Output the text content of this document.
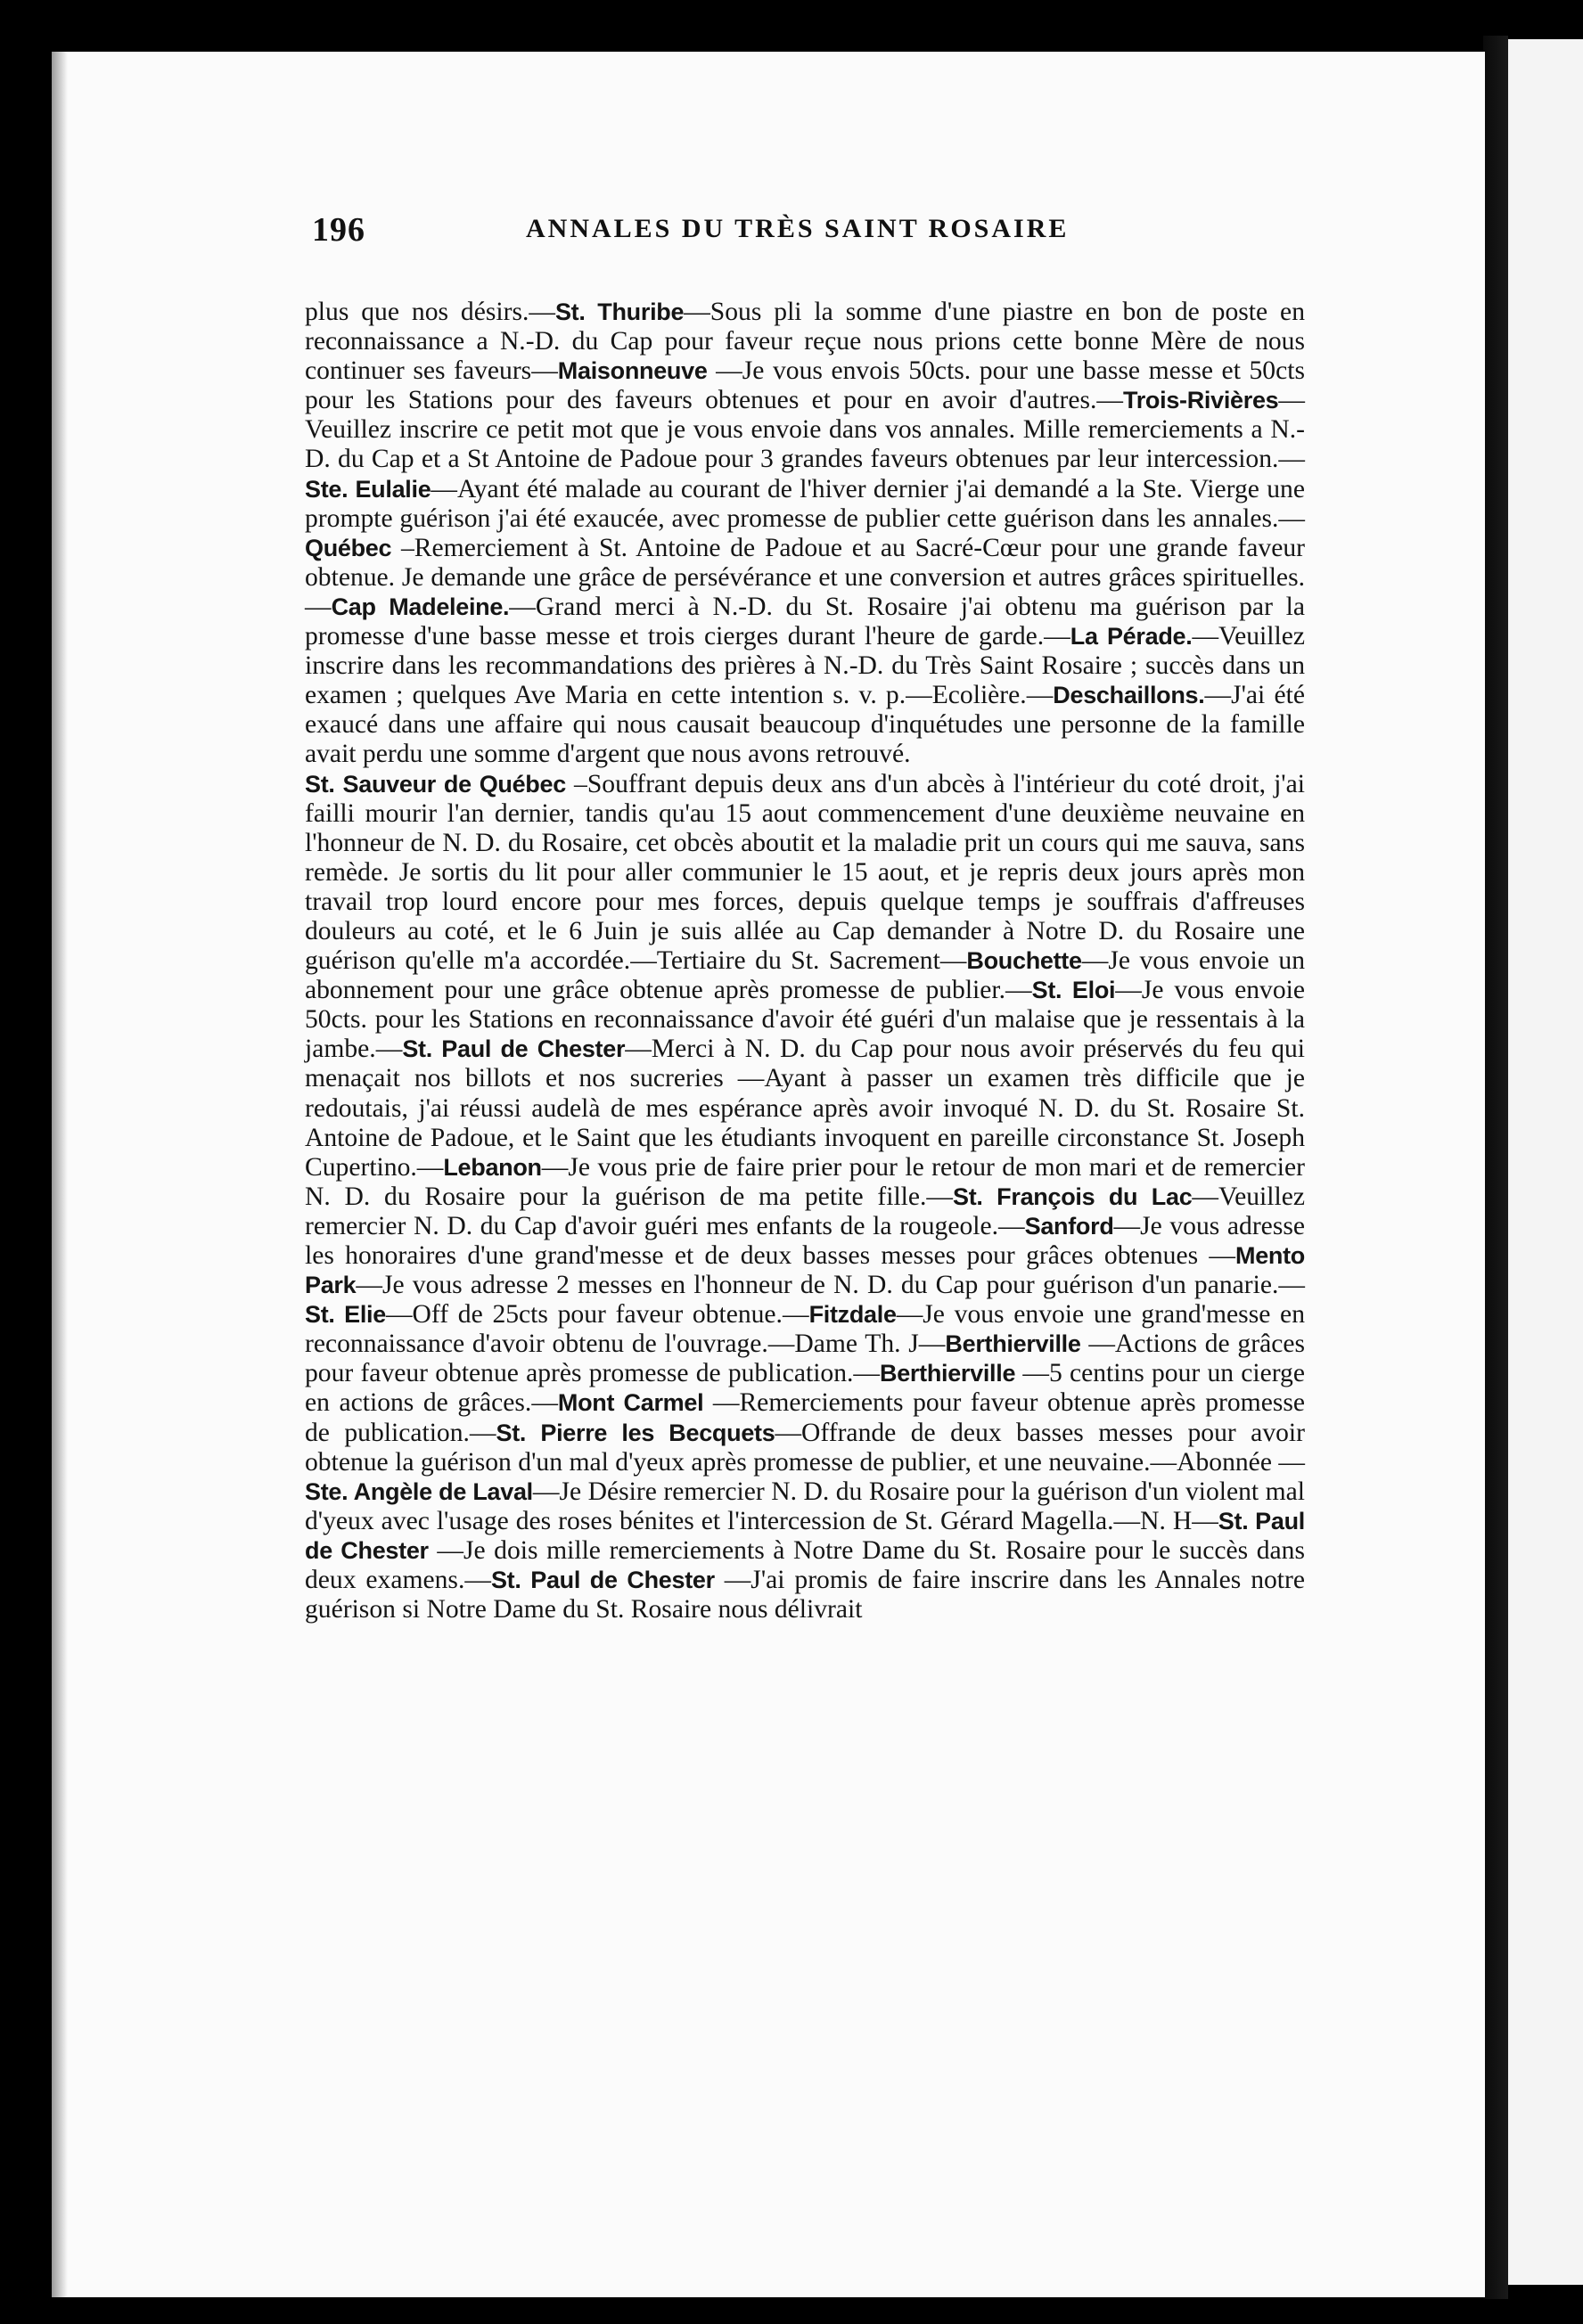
196	ANNALES DU TRÈS SAINT ROSAIRE

plus que nos désirs.—St. Thuribe—Sous pli la somme d'une piastre en bon de poste en reconnaissance a N.-D. du Cap pour faveur reçue nous prions cette bonne Mère de nous continuer ses faveurs—Maisonneuve —Je vous envois 50cts. pour une basse messe et 50cts pour les Stations pour des faveurs obtenues et pour en avoir d'autres.—Trois-Rivières— Veuillez inscrire ce petit mot que je vous envoie dans vos annales. Mille remerciements a N.-D. du Cap et a St Antoine de Padoue pour 3 grandes faveurs obtenues par leur intercession.—Ste. Eulalie—Ayant été malade au courant de l'hiver dernier j'ai demandé a la Ste. Vierge une prompte guérison j'ai été exaucée, avec promesse de publier cette guérison dans les annales.—Québec –Remerciement à St. Antoine de Padoue et au Sacré-Cœur pour une grande faveur obtenue. Je demande une grâce de persévérance et une conversion et autres grâces spirituelles.—Cap Madeleine.—Grand merci à N.-D. du St. Rosaire j'ai obtenu ma guérison par la promesse d'une basse messe et trois cierges durant l'heure de garde.—La Pérade.—Veuillez inscrire dans les recommandations des prières à N.-D. du Très Saint Rosaire ; succès dans un examen ; quelques Ave Maria en cette intention s. v. p.—Ecolière.—Deschaillons.—J'ai été exaucé dans une affaire qui nous causait beaucoup d'inquétudes une personne de la famille avait perdu une somme d'argent que nous avons retrouvé.

St. Sauveur de Québec –Souffrant depuis deux ans d'un abcès à l'intérieur du coté droit, j'ai failli mourir l'an dernier, tandis qu'au 15 aout commencement d'une deuxième neuvaine en l'honneur de N. D. du Rosaire, cet obcès aboutit et la maladie prit un cours qui me sauva, sans remède. Je sortis du lit pour aller communier le 15 aout, et je repris deux jours après mon travail trop lourd encore pour mes forces, depuis quelque temps je souffrais d'affreuses douleurs au coté, et le 6 Juin je suis allée au Cap demander à Notre D. du Rosaire une guérison qu'elle m'a accordée.—Tertiaire du St. Sacrement—Bouchette—Je vous envoie un abonnement pour une grâce obtenue après promesse de publier.—St. Eloi—Je vous envoie 50cts. pour les Stations en reconnaissance d'avoir été guéri d'un malaise que je ressentais à la jambe.—St. Paul de Chester—Merci à N. D. du Cap pour nous avoir préservés du feu qui menaçait nos billots et nos sucreries —Ayant à passer un examen très difficile que je redoutais, j'ai réussi audelà de mes espérance après avoir invoqué N. D. du St. Rosaire St. Antoine de Padoue, et le Saint que les étudiants invoquent en pareille circonstance St. Joseph Cupertino.—Lebanon—Je vous prie de faire prier pour le retour de mon mari et de remercier N. D. du Rosaire pour la guérison de ma petite fille.—St. François du Lac—Veuillez remercier N. D. du Cap d'avoir guéri mes enfants de la rougeole.—Sanford—Je vous adresse les honoraires d'une grand'messe et de deux basses messes pour grâces obtenues —Mento Park—Je vous adresse 2 messes en l'honneur de N. D. du Cap pour guérison d'un panarie.—St. Elie—Off de 25cts pour faveur obtenue.—Fitzdale—Je vous envoie une grand'messe en reconnaissance d'avoir obtenu de l'ouvrage.—Dame Th. J—Berthierville —Actions de grâces pour faveur obtenue après promesse de publication.—Berthierville —5 centins pour un cierge en actions de grâces.—Mont Carmel —Remerciements pour faveur obtenue après promesse de publication.—St. Pierre les Becquets—Offrande de deux basses messes pour avoir obtenue la guérison d'un mal d'yeux après promesse de publier, et une neuvaine.—Abonnée —Ste. Angèle de Laval—Je Désire remercier N. D. du Rosaire pour la guérison d'un violent mal d'yeux avec l'usage des roses bénites et l'intercession de St. Gérard Magella.—N. H—St. Paul de Chester —Je dois mille remerciements à Notre Dame du St. Rosaire pour le succès dans deux examens.—St. Paul de Chester —J'ai promis de faire inscrire dans les Annales notre guérison si Notre Dame du St. Rosaire nous délivrait
